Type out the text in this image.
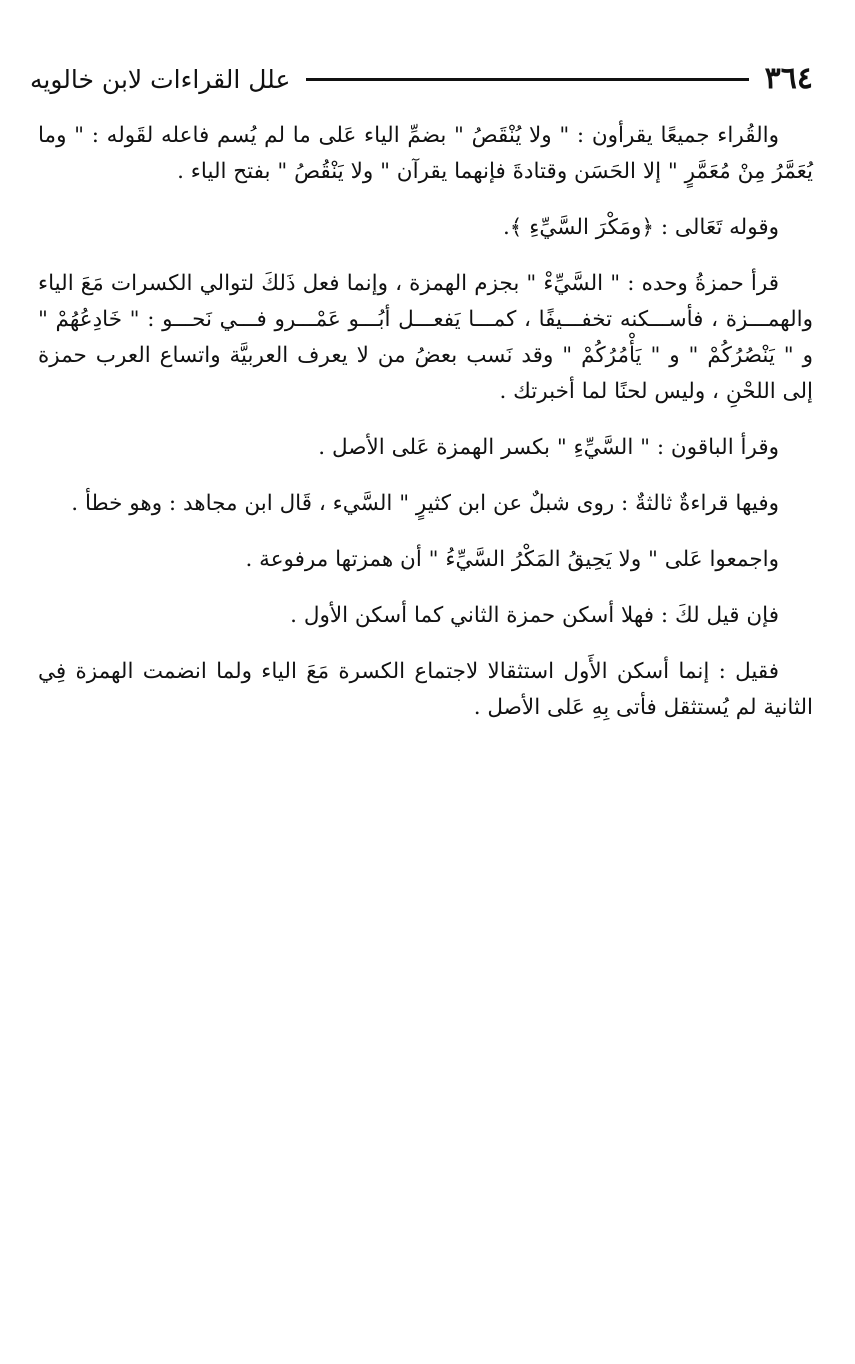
٣٦٤
علل القراءات لابن خالويه

والقُراء جميعًا يقرأون : " ولا يُنْقَصُ " بضمِّ الياء عَلى ما لم يُسم فاعله لقَوله : " وما يُعَمَّرُ مِنْ مُعَمَّرٍ " إلا الحَسَن وقتادةَ فإنهما يقرآن " ولا يَنْقُصُ " بفتح الياء .

وقوله تَعَالى : ﴿ومَكْرَ السَّيِّءِ ﴾.

قرأ حمزةُ وحده : " السَّيِّءْ " بجزم الهمزة ، وإنما فعل ذَلكَ لتوالي الكسرات مَعَ الياء والهمـــزة ، فأســـكنه تخفـــيفًا ، كمـــا يَفعـــل أبُـــو عَمْـــرو فـــي نَحـــو : " خَادِعُهُمْ " و " يَنْصُرُكُمْ " و " يَأْمُرُكُمْ " وقد نَسب بعضُ من لا يعرف العربيَّة واتساع العرب حمزة إلى اللحْنِ ، وليس لحنًا لما أخبرتك .

وقرأ الباقون : " السَّيِّءِ " بكسر الهمزة عَلى الأصل .

وفيها قراءةٌ ثالثةٌ : روى شبلٌ عن ابن كثيرٍ " السَّيء ، قَال ابن مجاهد : وهو خطأ .

واجمعوا عَلى " ولا يَحِيقُ المَكْرُ السَّيِّءُ " أن همزتها مرفوعة .

فإن قيل لكَ : فهلا أسكن حمزة الثاني كما أسكن الأول .

فقيل : إنما أسكن الأَول استثقالا لاجتماع الكسرة مَعَ الياء ولما انضمت الهمزة فِي الثانية لم يُستثقل فأتى بِهِ عَلى الأصل .
